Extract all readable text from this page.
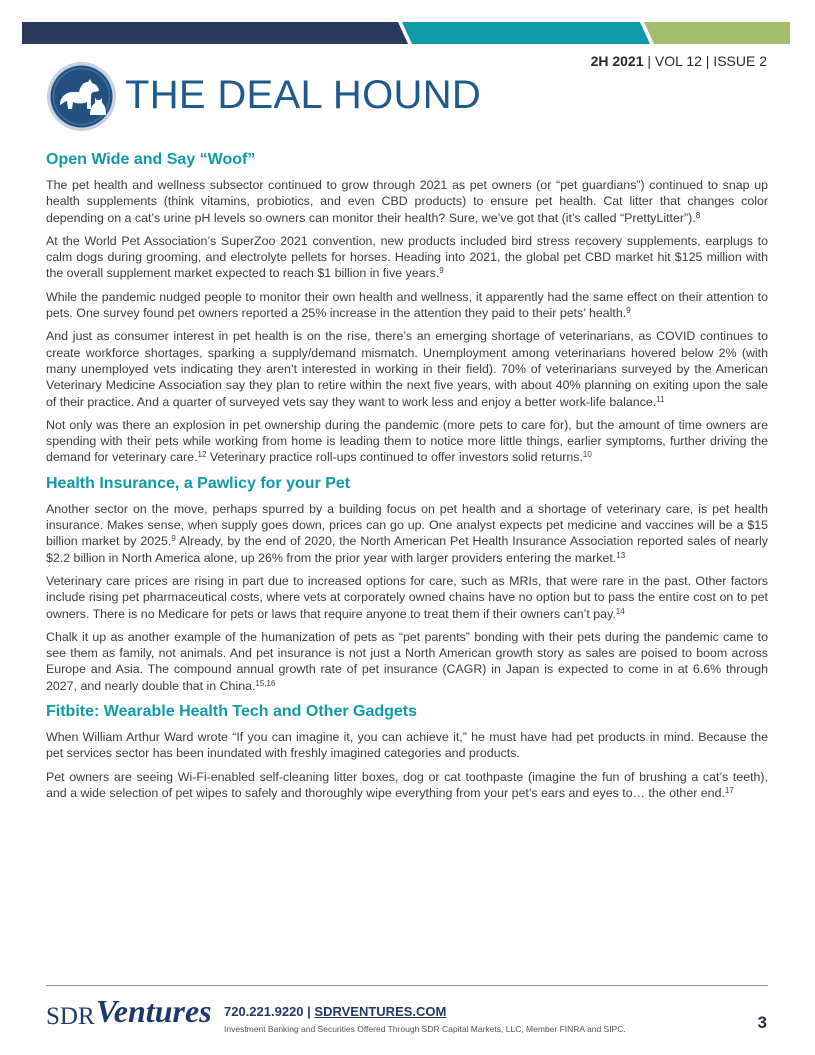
2H 2021 | VOL 12 | ISSUE 2
THE DEAL HOUND
Open Wide and Say “Woof”

The pet health and wellness subsector continued to grow through 2021 as pet owners (or “pet guardians”) continued to snap up health supplements (think vitamins, probiotics, and even CBD products) to ensure pet health. Cat litter that changes color depending on a cat’s urine pH levels so owners can monitor their health? Sure, we’ve got that (it’s called “PrettyLitter”).$^8$

At the World Pet Association’s SuperZoo 2021 convention, new products included bird stress recovery supplements, earplugs to calm dogs during grooming, and electrolyte pellets for horses. Heading into 2021, the global pet CBD market hit $125 million with the overall supplement market expected to reach $1 billion in five years.$^9$

While the pandemic nudged people to monitor their own health and wellness, it apparently had the same effect on their attention to pets. One survey found pet owners reported a 25% increase in the attention they paid to their pets’ health.$^9$

And just as consumer interest in pet health is on the rise, there’s an emerging shortage of veterinarians, as COVID continues to create workforce shortages, sparking a supply/demand mismatch. Unemployment among veterinarians hovered below 2% (with many unemployed vets indicating they aren’t interested in working in their field). 70% of veterinarians surveyed by the American Veterinary Medicine Association say they plan to retire within the next five years, with about 40% planning on exiting upon the sale of their practice. And a quarter of surveyed vets say they want to work less and enjoy a better work-life balance.$^{11}$

Not only was there an explosion in pet ownership during the pandemic (more pets to care for), but the amount of time owners are spending with their pets while working from home is leading them to notice more little things, earlier symptoms, further driving the demand for veterinary care.$^{12}$ Veterinary practice roll-ups continued to offer investors solid returns.$^{10}$

Health Insurance, a Pawlicy for your Pet

Another sector on the move, perhaps spurred by a building focus on pet health and a shortage of veterinary care, is pet health insurance. Makes sense, when supply goes down, prices can go up. One analyst expects pet medicine and vaccines will be a $15 billion market by 2025.$^9$ Already, by the end of 2020, the North American Pet Health Insurance Association reported sales of nearly $2.2 billion in North America alone, up 26% from the prior year with larger providers entering the market.$^{13}$

Veterinary care prices are rising in part due to increased options for care, such as MRIs, that were rare in the past. Other factors include rising pet pharmaceutical costs, where vets at corporately owned chains have no option but to pass the entire cost on to pet owners. There is no Medicare for pets or laws that require anyone to treat them if their owners can’t pay.$^{14}$

Chalk it up as another example of the humanization of pets as “pet parents” bonding with their pets during the pandemic came to see them as family, not animals. And pet insurance is not just a North American growth story as sales are poised to boom across Europe and Asia. The compound annual growth rate of pet insurance (CAGR) in Japan is expected to come in at 6.6% through 2027, and nearly double that in China.$^{15,16}$

Fitbite: Wearable Health Tech and Other Gadgets

When William Arthur Ward wrote “If you can imagine it, you can achieve it,” he must have had pet products in mind. Because the pet services sector has been inundated with freshly imagined categories and products.

Pet owners are seeing Wi-Fi-enabled self-cleaning litter boxes, dog or cat toothpaste (imagine the fun of brushing a cat’s teeth), and a wide selection of pet wipes to safely and thoroughly wipe everything from your pet’s ears and eyes to… the other end.$^{17}$

SDR Ventures 720.221.9220 | SDRVENTURES.COM
Investment Banking and Securities Offered Through SDR Capital Markets, LLC, Member FINRA and SIPC.	3
